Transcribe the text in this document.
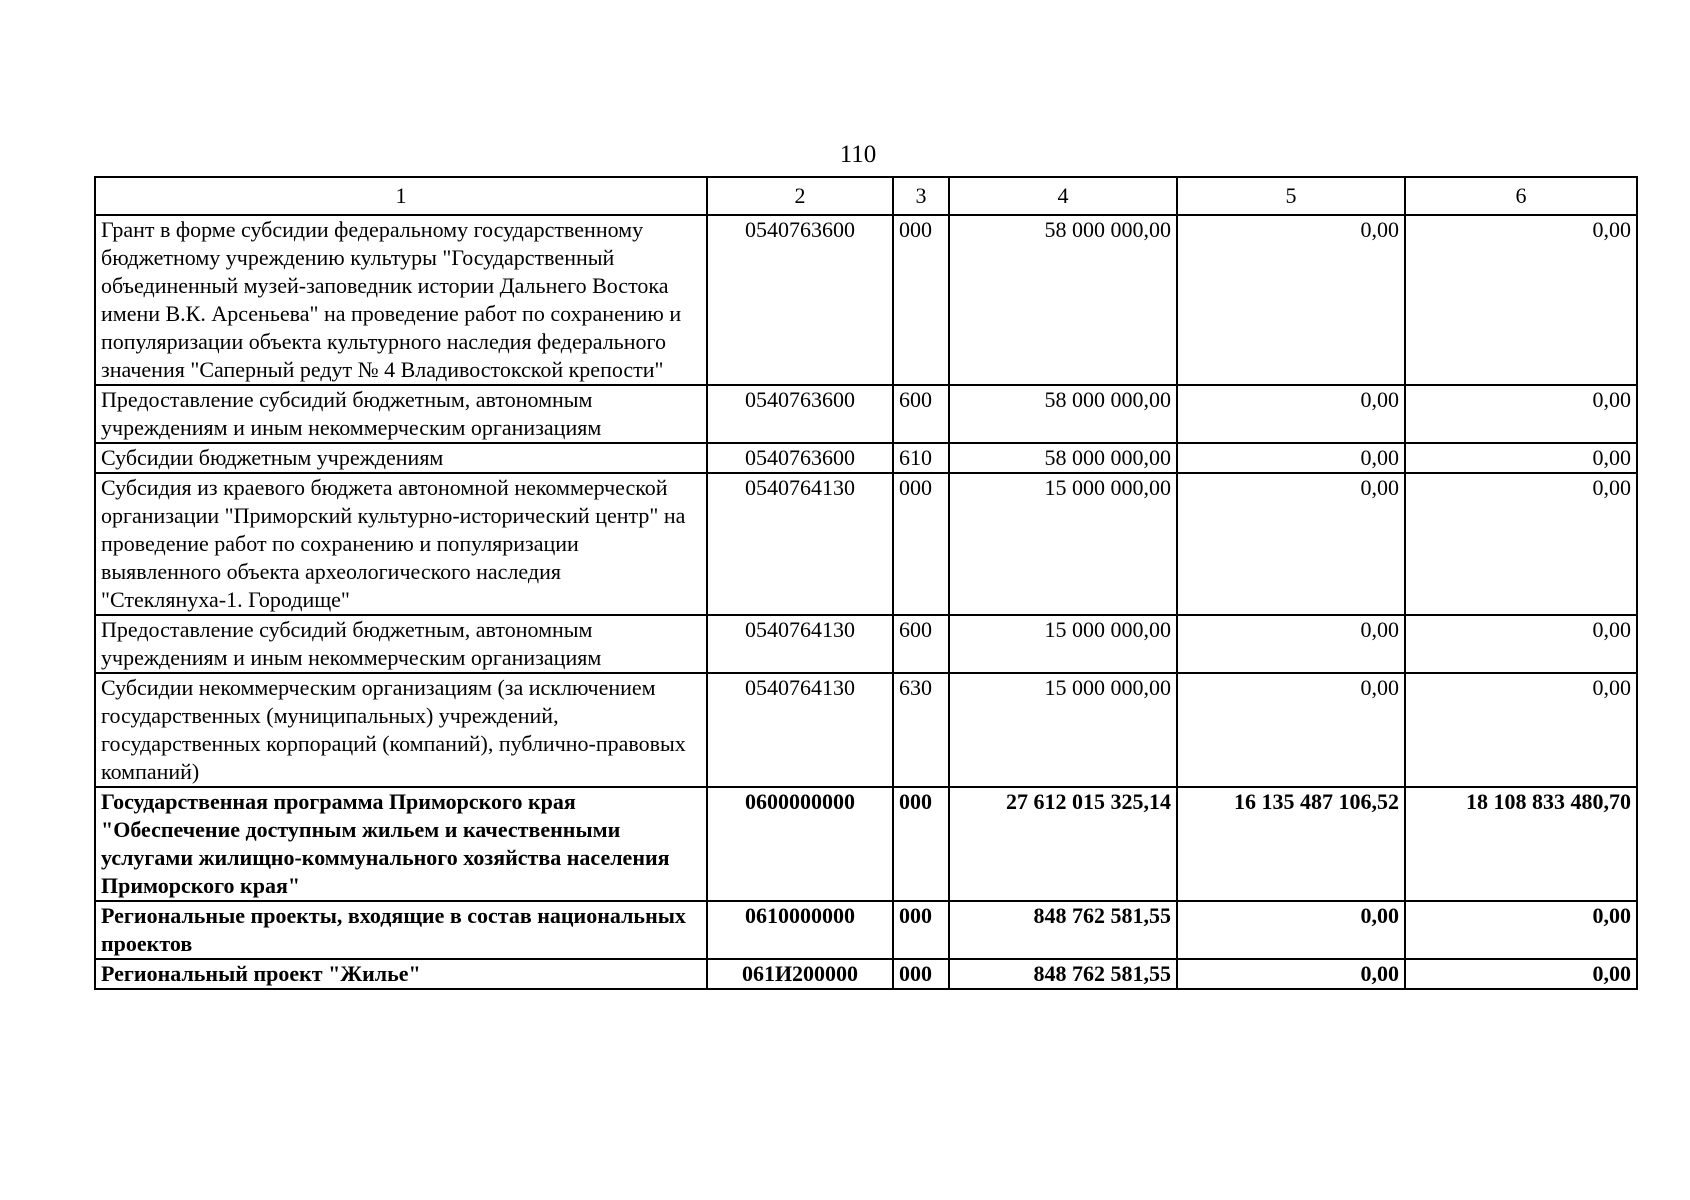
110
1	2	3	4	5	6
Грант в форме субсидии федеральному государственному бюджетному учреждению культуры "Государственный объединенный музей-заповедник истории Дальнего Востока имени В.К. Арсеньева" на проведение работ по сохранению и популяризации объекта культурного наследия федерального значения "Саперный редут № 4 Владивостокской крепости"	0540763600	000	58 000 000,00	0,00	0,00
Предоставление субсидий бюджетным, автономным учреждениям и иным некоммерческим организациям	0540763600	600	58 000 000,00	0,00	0,00
Субсидии бюджетным учреждениям	0540763600	610	58 000 000,00	0,00	0,00
Субсидия из краевого бюджета автономной некоммерческой организации "Приморский культурно-исторический центр" на проведение работ по сохранению и популяризации выявленного объекта археологического наследия "Стеклянуха-1. Городище"	0540764130	000	15 000 000,00	0,00	0,00
Предоставление субсидий бюджетным, автономным учреждениям и иным некоммерческим организациям	0540764130	600	15 000 000,00	0,00	0,00
Субсидии некоммерческим организациям (за исключением государственных (муниципальных) учреждений, государственных корпораций (компаний), публично-правовых компаний)	0540764130	630	15 000 000,00	0,00	0,00
Государственная программа Приморского края "Обеспечение доступным жильем и качественными услугами жилищно-коммунального хозяйства населения Приморского края"	0600000000	000	27 612 015 325,14	16 135 487 106,52	18 108 833 480,70
Региональные проекты, входящие в состав национальных проектов	0610000000	000	848 762 581,55	0,00	0,00
Региональный проект "Жилье"	061И200000	000	848 762 581,55	0,00	0,00
